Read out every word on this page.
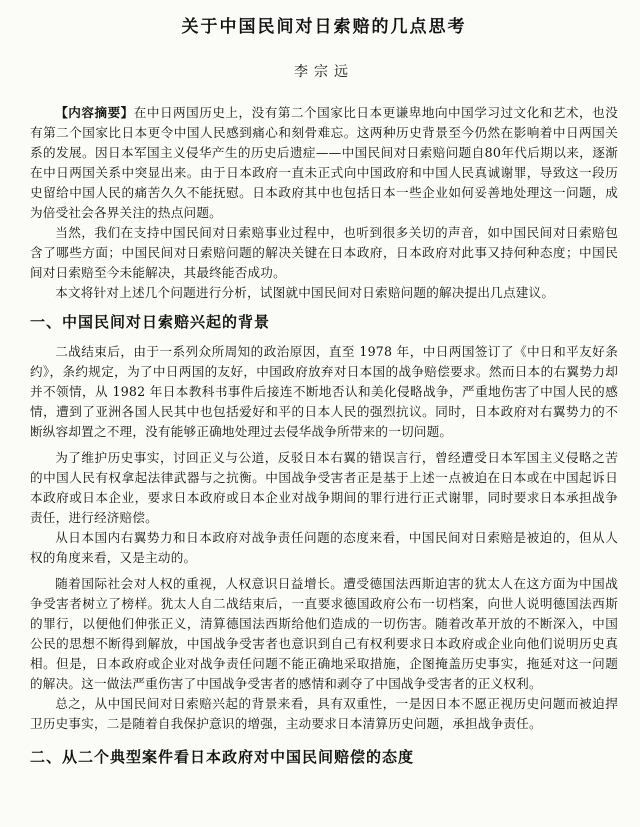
关于中国民间对日索赔的几点思考
李宗远

【内容摘要】在中日两国历史上，没有第二个国家比日本更谦卑地向中国学习过文化和艺术，也没有第二个国家比日本更令中国人民感到痛心和刻骨难忘。这两种历史背景至今仍然在影响着中日两国关系的发展。因日本军国主义侵华产生的历史后遗症——中国民间对日索赔问题自80年代后期以来，逐渐在中日两国关系中突显出来。由于日本政府一直未正式向中国政府和中国人民真诚谢罪，导致这一段历史留给中国人民的痛苦久久不能抚慰。日本政府其中也包括日本一些企业如何妥善地处理这一问题，成为倍受社会各界关注的热点问题。

当然，我们在支持中国民间对日索赔事业过程中，也听到很多关切的声音，如中国民间对日索赔包含了哪些方面；中国民间对日索赔问题的解决关键在日本政府，日本政府对此事又持何种态度；中国民间对日索赔至今未能解决，其最终能否成功。

本文将针对上述几个问题进行分析，试图就中国民间对日索赔问题的解决提出几点建议。

一、中国民间对日索赔兴起的背景

二战结束后，由于一系列众所周知的政治原因，直至 1978 年，中日两国签订了《中日和平友好条约》，条约规定，为了中日两国的友好，中国政府放弃对日本国的战争赔偿要求。然而日本的右翼势力却并不领情，从 1982 年日本教科书事件后接连不断地否认和美化侵略战争，严重地伤害了中国人民的感情，遭到了亚洲各国人民其中也包括爱好和平的日本人民的强烈抗议。同时，日本政府对右翼势力的不断纵容却置之不理，没有能够正确地处理过去侵华战争所带来的一切问题。

为了维护历史事实，讨回正义与公道，反驳日本右翼的错误言行，曾经遭受日本军国主义侵略之苦的中国人民有权拿起法律武器与之抗衡。中国战争受害者正是基于上述一点被迫在日本或在中国起诉日本政府或日本企业，要求日本政府或日本企业对战争期间的罪行进行正式谢罪，同时要求日本承担战争责任，进行经济赔偿。

从日本国内右翼势力和日本政府对战争责任问题的态度来看，中国民间对日索赔是被迫的，但从人权的角度来看，又是主动的。

随着国际社会对人权的重视，人权意识日益增长。遭受德国法西斯迫害的犹太人在这方面为中国战争受害者树立了榜样。犹太人自二战结束后，一直要求德国政府公布一切档案，向世人说明德国法西斯的罪行，以便他们伸张正义，清算德国法西斯给他们造成的一切伤害。随着改革开放的不断深入，中国公民的思想不断得到解放，中国战争受害者也意识到自己有权利要求日本政府或企业向他们说明历史真相。但是，日本政府或企业对战争责任问题不能正确地采取措施，企图掩盖历史事实，拖延对这一问题的解决。这一做法严重伤害了中国战争受害者的感情和剥夺了中国战争受害者的正义权利。

总之，从中国民间对日索赔兴起的背景来看，具有双重性，一是因日本不愿正视历史问题而被迫捍卫历史事实，二是随着自我保护意识的增强，主动要求日本清算历史问题，承担战争责任。

二、从二个典型案件看日本政府对中国民间赔偿的态度
